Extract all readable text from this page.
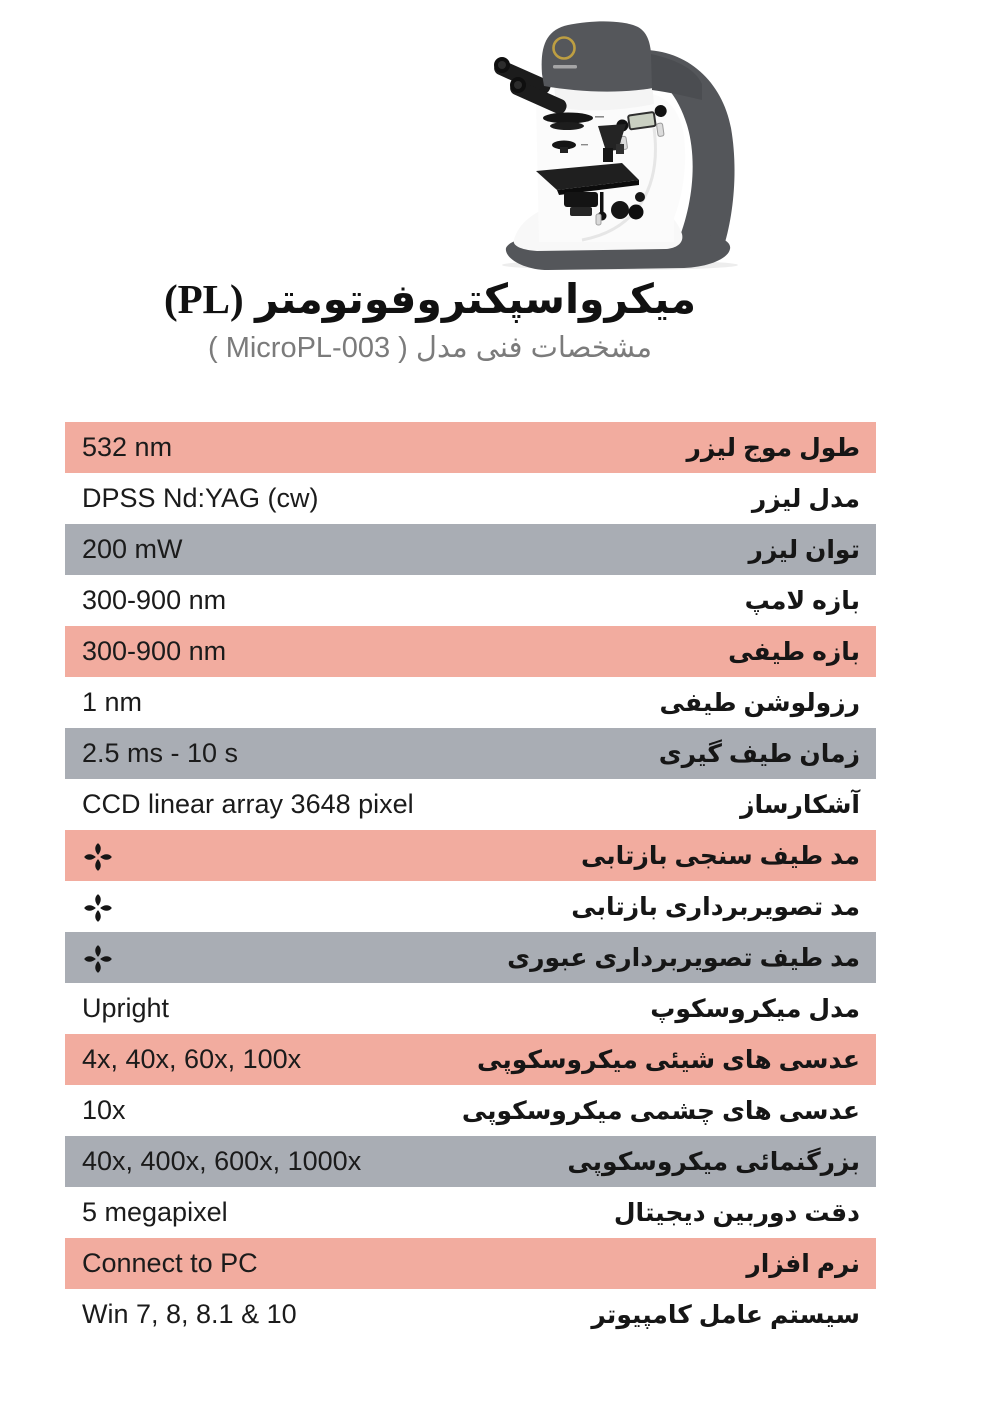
میکرواسپکتروفوتومتر (PL)
مشخصات فنی مدل ( MicroPL-003 )
532 nm	طول موج لیزر
DPSS Nd:YAG (cw)	مدل لیزر
200 mW	توان لیزر
300-900 nm	بازه لامپ
300-900 nm	بازه طیفی
1 nm	رزولوشن طیفی
2.5 ms - 10 s	زمان طیف گیری
CCD linear array 3648 pixel	آشکارساز
مد طیف سنجی بازتابی
مد تصویربرداری بازتابی
مد طیف تصویربرداری عبوری
Upright	مدل میکروسکوپ
4x, 40x, 60x, 100x	عدسی های شیئی میکروسکوپی
10x	عدسی های چشمی میکروسکوپی
40x, 400x, 600x, 1000x	بزرگنمائی میکروسکوپی
5 megapixel	دقت دوربین دیجیتال
Connect to PC	نرم افزار
Win 7, 8, 8.1 & 10	سیستم عامل کامپیوتر
